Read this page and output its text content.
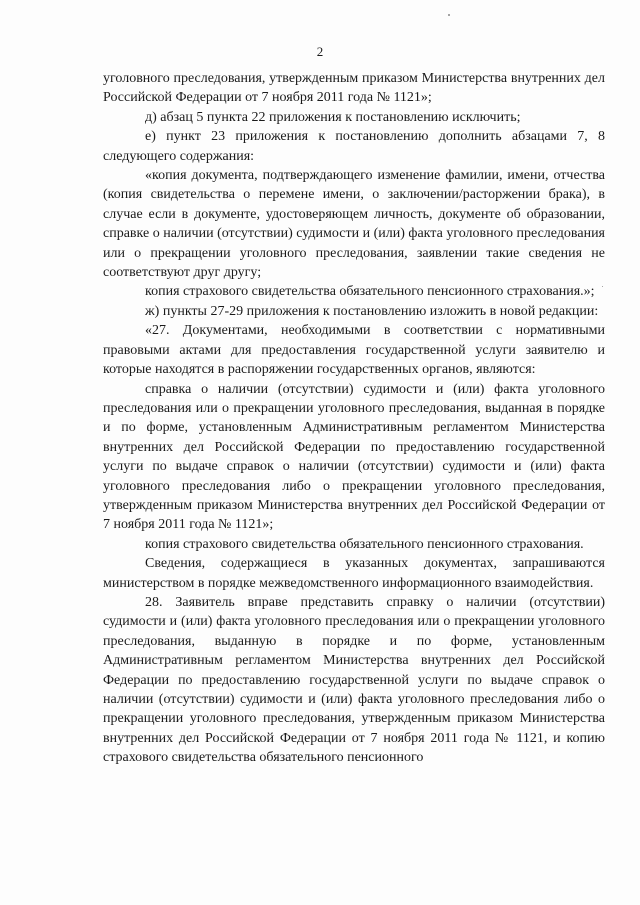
2

уголовного преследования, утвержденным приказом Министерства внутренних дел Российской Федерации от 7 ноября 2011 года № 1121»;

д) абзац 5 пункта 22 приложения к постановлению исключить;

е) пункт 23 приложения к постановлению дополнить абзацами 7, 8 следующего содержания:

«копия документа, подтверждающего изменение фамилии, имени, отчества (копия свидетельства о перемене имени, о заключении/расторжении брака), в случае если в документе, удостоверяющем личность, документе об образовании, справке о наличии (отсутствии) судимости и (или) факта уголовного преследования или о прекращении уголовного преследования, заявлении такие сведения не соответствуют друг другу;

копия страхового свидетельства обязательного пенсионного страхования.»;

ж) пункты 27-29 приложения к постановлению изложить в новой редакции:

«27. Документами, необходимыми в соответствии с нормативными правовыми актами для предоставления государственной услуги заявителю и которые находятся в распоряжении государственных органов, являются:

справка о наличии (отсутствии) судимости и (или) факта уголовного преследования или о прекращении уголовного преследования, выданная в порядке и по форме, установленным Административным регламентом Министерства внутренних дел Российской Федерации по предоставлению государственной услуги по выдаче справок о наличии (отсутствии) судимости и (или) факта уголовного преследования либо о прекращении уголовного преследования, утвержденным приказом Министерства внутренних дел Российской Федерации от 7 ноября 2011 года № 1121»;

копия страхового свидетельства обязательного пенсионного страхования.

Сведения, содержащиеся в указанных документах, запрашиваются министерством в порядке межведомственного информационного взаимодействия.

28. Заявитель вправе представить справку о наличии (отсутствии) судимости и (или) факта уголовного преследования или о прекращении уголовного преследования, выданную в порядке и по форме, установленным Административным регламентом Министерства внутренних дел Российской Федерации по предоставлению государственной услуги по выдаче справок о наличии (отсутствии) судимости и (или) факта уголовного преследования либо о прекращении уголовного преследования, утвержденным приказом Министерства внутренних дел Российской Федерации от 7 ноября 2011 года № 1121, и копию страхового свидетельства обязательного пенсионного
